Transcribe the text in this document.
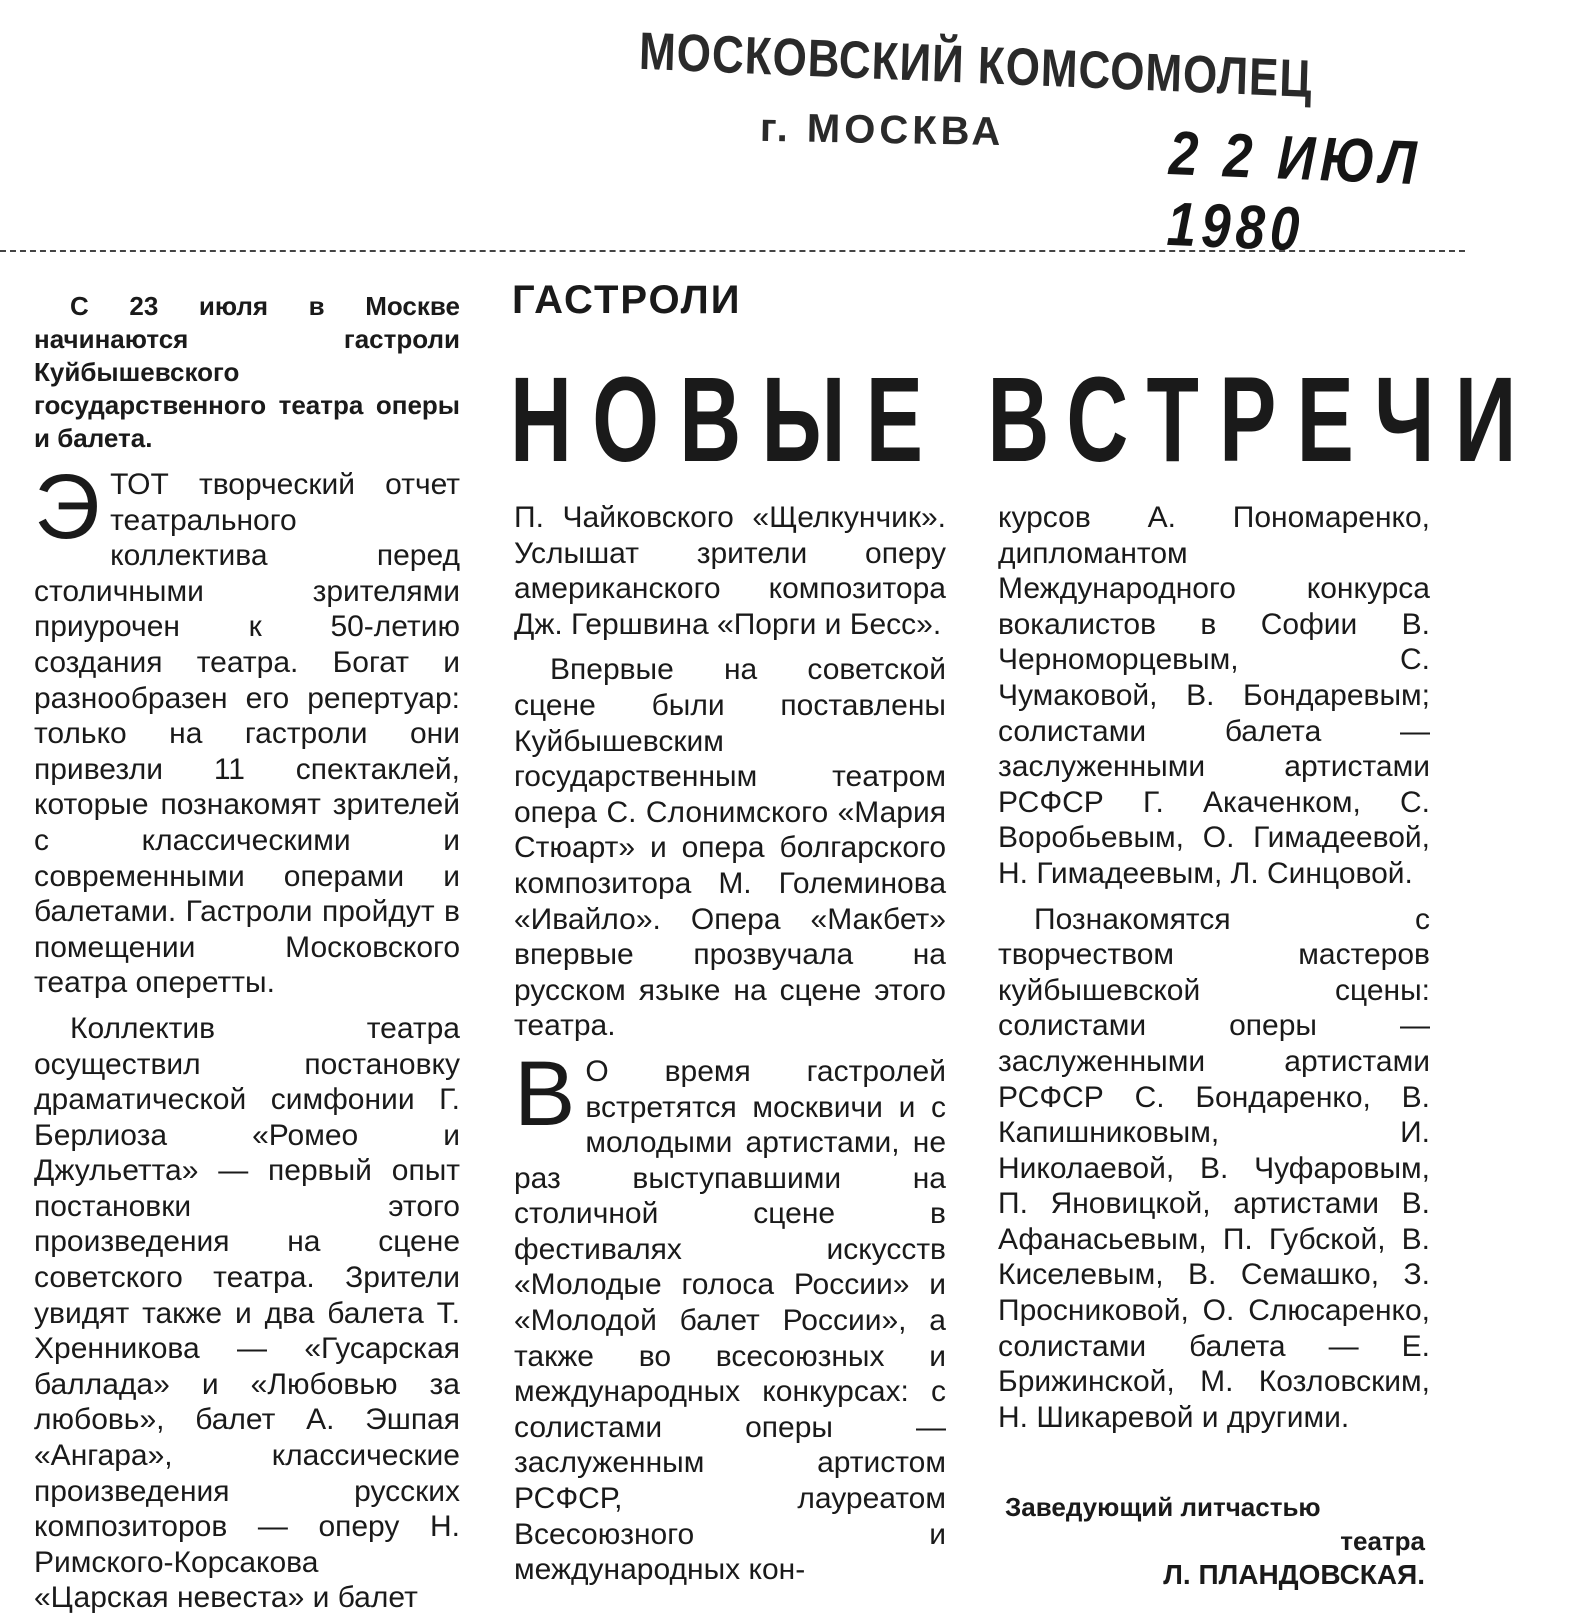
МОСКОВСКИЙ КОМСОМОЛЕЦ
г. МОСКВА	2 2 ИЮЛ 1980
ГАСТРОЛИ
НОВЫЕ ВСТРЕЧИ

С 23 июля в Москве начинаются гастроли Куйбышевского государственного театра оперы и балета.

ЭТОТ творческий отчет театрального коллектива перед столичными зрителями приурочен к 50-летию создания театра. Богат и разнообразен его репертуар: только на гастроли они привезли 11 спектаклей, которые познакомят зрителей с классическими и современными операми и балетами. Гастроли пройдут в помещении Московского театра оперетты.

Коллектив театра осуществил постановку драматической симфонии Г. Берлиоза «Ромео и Джульетта» — первый опыт постановки этого произведения на сцене советского театра. Зрители увидят также и два балета Т. Хренникова — «Гусарская баллада» и «Любовью за любовь», балет А. Эшпая «Ангара», классические произведения русских композиторов — оперу Н. Римского-Корсакова «Царская невеста» и балет

П. Чайковского «Щелкунчик». Услышат зрители оперу американского композитора Дж. Гершвина «Порги и Бесс».

Впервые на советской сцене были поставлены Куйбышевским государственным театром опера С. Слонимского «Мария Стюарт» и опера болгарского композитора М. Големинова «Ивайло». Опера «Макбет» впервые прозвучала на русском языке на сцене этого театра.

В О время гастролей встретятся москвичи и с молодыми артистами, не раз выступавшими на столичной сцене в фестивалях искусств «Молодые голоса России» и «Молодой балет России», а также во всесоюзных и международных конкурсах: с солистами оперы — заслуженным артистом РСФСР, лауреатом Всесоюзного и международных кон-

курсов А. Пономаренко, дипломантом Международного конкурса вокалистов в Софии В. Черноморцевым, С. Чумаковой, В. Бондаревым; солистами балета — заслуженными артистами РСФСР Г. Акаченком, С. Воробьевым, О. Гимадеевой, Н. Гимадеевым, Л. Синцовой.

Познакомятся с творчеством мастеров куйбышевской сцены: солистами оперы — заслуженными артистами РСФСР С. Бондаренко, В. Капишниковым, И. Николаевой, В. Чуфаровым, П. Яновицкой, артистами В. Афанасьевым, П. Губской, В. Киселевым, В. Семашко, З. Просниковой, О. Слюсаренко, солистами балета — Е. Брижинской, М. Козловским, Н. Шикаревой и другими.

Заведующий литчастью
театра
Л. ПЛАНДОВСКАЯ.
